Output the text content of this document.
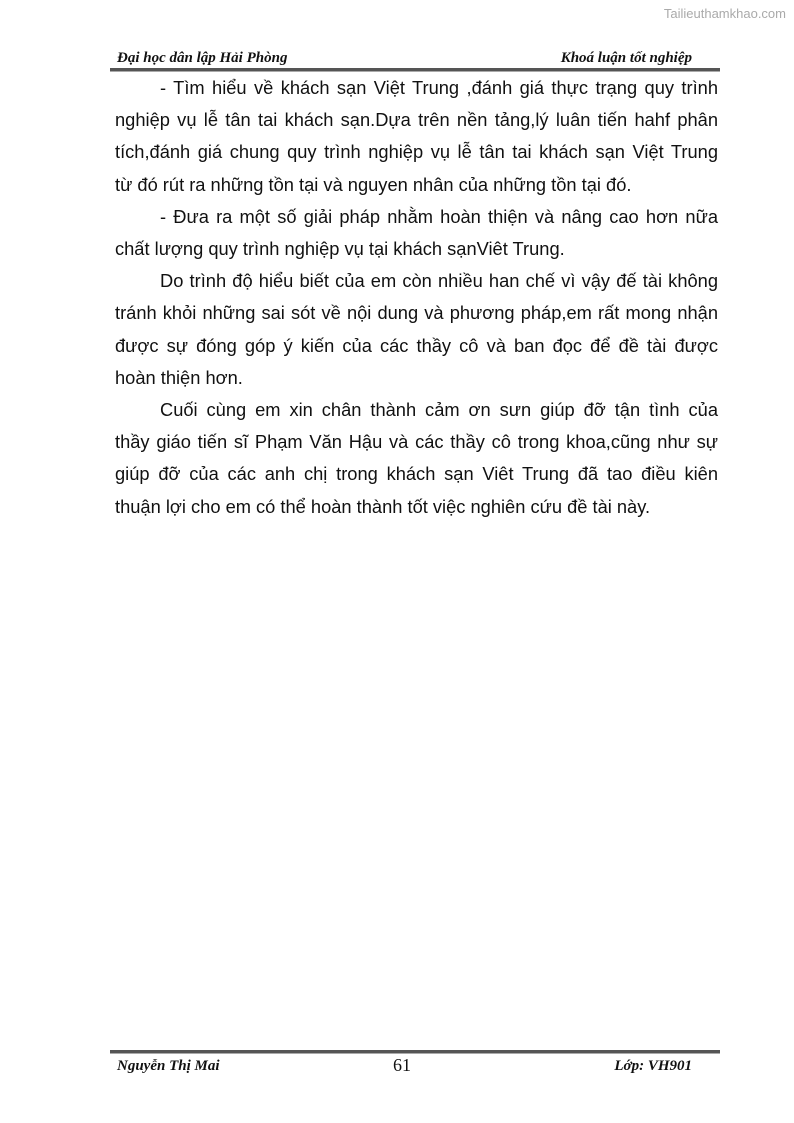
Tailieuthamkhao.com
Đại học dân lập Hải Phòng	Khoá luận tốt nghiệp
- Tìm hiểu về khách sạn Việt Trung ,đánh giá thực trạng quy trình
nghiệp vụ lễ tân tai khách sạn.Dựa trên nền tảng,lý luân tiến hahf phân
tích,đánh giá chung quy trình nghiệp vụ lễ tân tai khách sạn Việt Trung
từ đó rút ra những tồn tại và nguyen nhân của những tồn tại đó.
- Đưa ra một số giải pháp nhằm hoàn thiện và nâng cao hơn nữa
chất lượng quy trình nghiệp vụ tại khách sạnViêt Trung.
Do trình độ hiểu biết của em còn nhiều han chế vì vậy đế tài không
tránh khỏi những sai sót về nội dung và phương pháp,em rất mong nhận
được sự đóng góp ý kiến của các thầy cô và ban đọc để đề tài được
hoàn thiện hơn.
Cuối cùng em xin chân thành cảm ơn sưn giúp đỡ tận tình của
thầy giáo tiến sĩ Phạm Văn Hậu và các thầy cô trong khoa,cũng như sự
giúp đỡ của các anh chị trong khách sạn Viêt Trung đã tao điều kiên
thuận lợi cho em có thể hoàn thành tốt việc nghiên cứu đề tài này.
Nguyễn Thị Mai	61	Lớp: VH901
